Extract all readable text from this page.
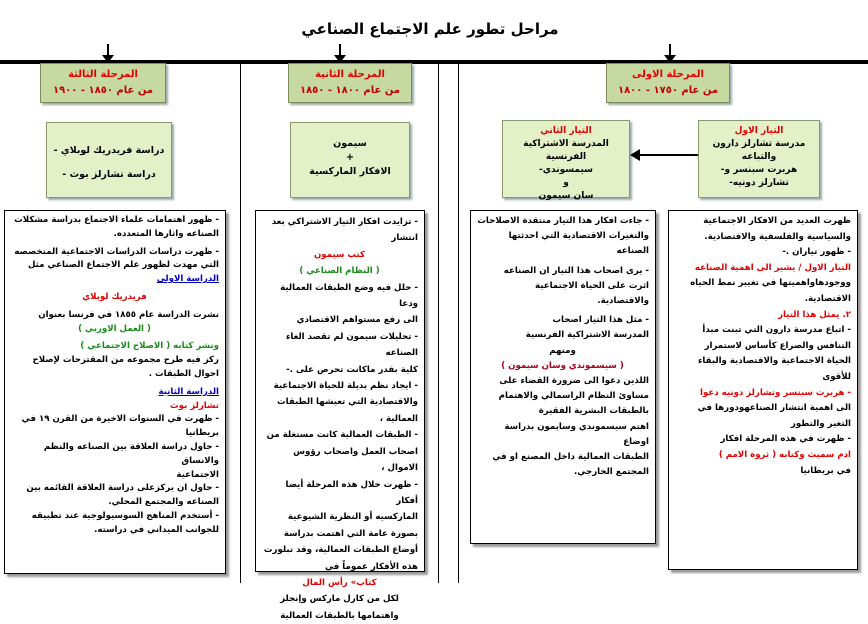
مراحل تطور علم الاجتماع الصناعي
المرحلة الاولى
من عام ١٧٥٠ - ١٨٠٠
المرحلة الثانية
من عام ١٨٠٠ - ١٨٥٠
المرحلة الثالثة
من عام ١٨٥٠ - ١٩٠٠
التيار الاول
مدرسة تشارلز دارون
والتباعه
-هربرت سبنسر و
-تشارلز دونيه
التيار الثاني
المدرسة الاشتراكية الفرنسية
-سيمسوندي
و
سان سيمون
سيمون
+
الافكار الماركسية
- دراسة فريدريك لوبلاي
- دراسة تشارلز بوث

ظهرت العديد من الافكار الاجتماعية

والسياسية والفلسفية والاقتصادية.

- ظهور تياران .-

التيار الاول / يشير الى اهمية الصناعه

ووجودهاواهميتها في تغيير نمط الحياه

الاقتصادية.

٢. يمثل هذا التيار

- اتباع مدرسة دارون التي تبنت مبدأ

التنافس والصراع كأساس لاستمرار

الحياة الاجتماعية والاقتصادية والبقاء

للأقوى

- هربرت سبنسر وتشارلز دونيه دعوا

الى اهمية انتشار الصناعهودورها في

التغير والتطور

- ظهرت في هذه المرحلة افكار

ادم سميث وكتابه ( ثروة الامم )

في بريطانيا

- جاءت افكار هذا التيار منتقدة الاصلاحات

والتغيرات الاقتصادية التي احدثتها

الصناعه

- يرى اصحاب هذا التيار ان الصناعه

اثرت على الحياة الاجتماعية

والاقتصادية.

- مثل هذا التيار اصحاب

المدرسة الاشتراكية الفرنسية

ومنهم

( سيسموندي وسان سيمون )

اللذين دعوا الى ضرورة القضاء على

مساوئ النظام الراسمالي والاهتمام

بالطبقات البشرية الفقيرة

اهتم سيسموندي وسايمون بدراسة اوضاع

الطبقات العمالية داخل المصنع او في

المجتمع الخارجي.

- تزايدت افكار التيار الاشتراكي بعد انتشار

كتب سيمون

( النظام الصناعي )

- حلل فيه وضع الطبقات العمالية ودعا

الى رفع مستواهم الاقتصادي

- تحليلات سيمون لم تقصد الغاء الصناعه

كلية بقدر ماكانت تحرص على .-

- ايجاد نظم بديلة للحياة الاجتماعية

والاقتصادية التي تعيشها الطبقات

العمالية ،

- الطبقات العمالية كانت مستغلة من

اصحاب العمل واصحاب رؤوس

الاموال ،

- ظهرت خلال هذه المرحلة أيضا أفكار

الماركسيه أو النظرية الشيوعية

بصورة عامة التي اهتمت بدراسة

أوضاع الطبقات العمالية، وقد تبلورت

هذه الأفكار عموماً في

كتاب» رأس المال

لكل من كارل ماركس وإنجلز

واهتمامها بالطبقات العمالية

- ظهور اهتمامات علماء الاجتماع بدراسة مشكلات

الصناعه واثارها المتعدده.

- ظهرت دراسات الدراسات الاجتماعية المتخصصه

التي مهدت لظهور علم الاجتماع الصناعي مثل

الدراسة الاولى

فريدريك لوبلاي

نشرت الدراسة عام ١٨٥٥ في فرنسا بعنوان

( العمل الاوربي )

ونشر كتابه ( الاصلاح الاجتماعي )

ركز فيه طرح مجموعه من المقترحات لإصلاح

احوال الطبقات .

الدراسة الثانية

تشارلز بوث

- ظهرت في السنوات الاخيرة من القرن ١٩ في

بريطانيا

- حاول دراسة العلاقة بين الصناعه والنظم والانساق

الاجتماعية

- حاول ان يركزعلى دراسة العلاقة القائمه بين

الصناعه والمجتمع المحلي.

- أستخدم المناهج السوسيولوجية عند تطبيقه

للجوانب الميداني في دراسته.
